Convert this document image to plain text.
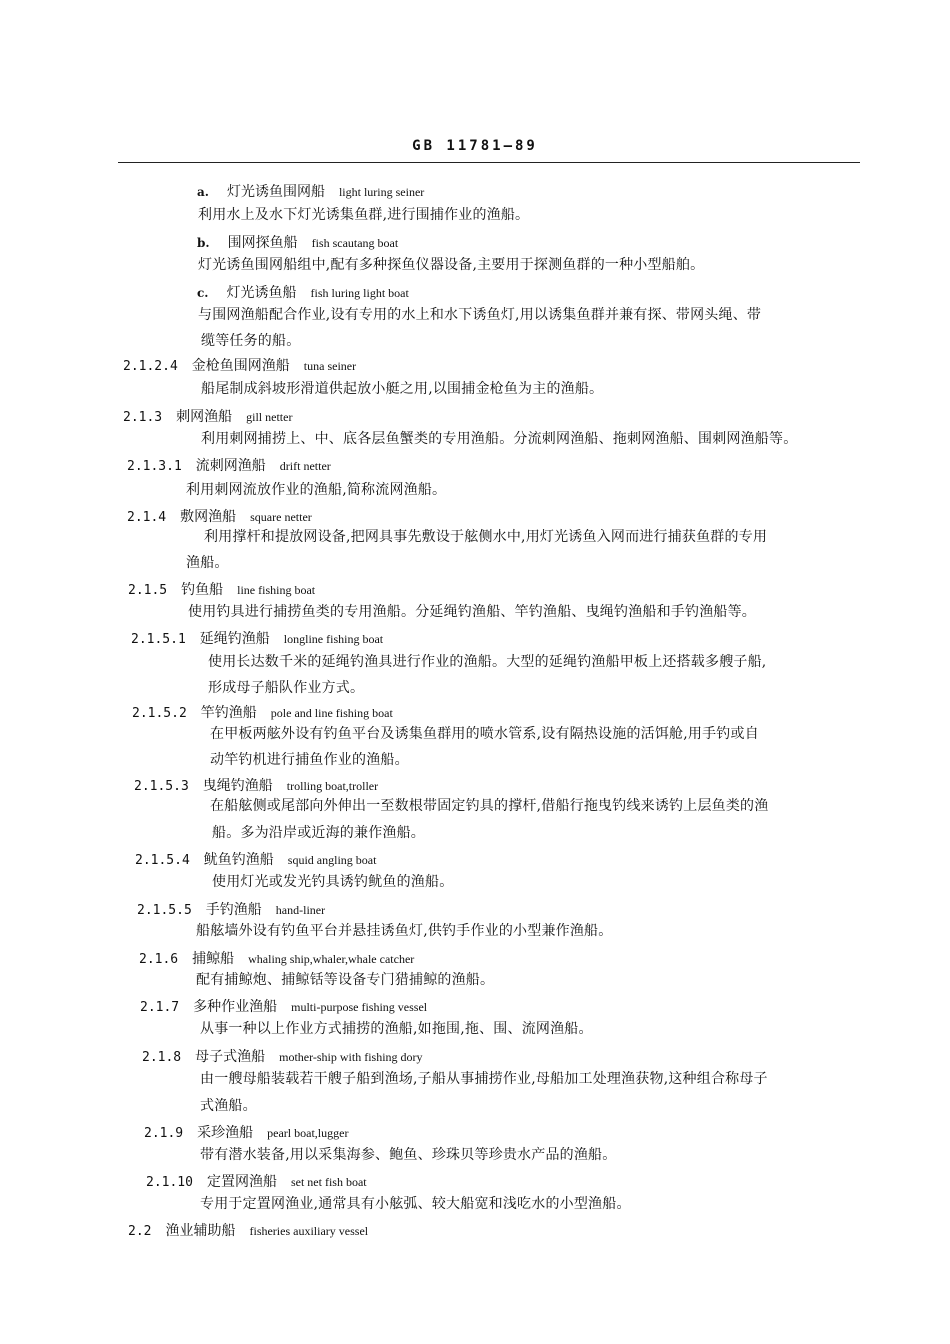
GB 11781—89
a. 灯光诱鱼围网船 light luring seiner
利用水上及水下灯光诱集鱼群,进行围捕作业的渔船。
b. 围网探鱼船 fish scautang boat
灯光诱鱼围网船组中,配有多种探鱼仪器设备,主要用于探测鱼群的一种小型船舶。
c. 灯光诱鱼船 fish luring light boat
与围网渔船配合作业,设有专用的水上和水下诱鱼灯,用以诱集鱼群并兼有探、带网头绳、带
缆等任务的船。
2.1.2.4 金枪鱼围网渔船 tuna seiner
船尾制成斜坡形滑道供起放小艇之用,以围捕金枪鱼为主的渔船。
2.1.3 刺网渔船 gill netter
利用刺网捕捞上、中、底各层鱼蟹类的专用渔船。分流刺网渔船、拖刺网渔船、围刺网渔船等。
2.1.3.1 流刺网渔船 drift netter
利用刺网流放作业的渔船,简称流网渔船。
2.1.4 敷网渔船 square netter
利用撑杆和提放网设备,把网具事先敷设于舷侧水中,用灯光诱鱼入网而进行捕获鱼群的专用
渔船。
2.1.5 钓鱼船 line fishing boat
使用钓具进行捕捞鱼类的专用渔船。分延绳钓渔船、竿钓渔船、曳绳钓渔船和手钓渔船等。
2.1.5.1 延绳钓渔船 longline fishing boat
使用长达数千米的延绳钓渔具进行作业的渔船。大型的延绳钓渔船甲板上还搭载多艘子船,
形成母子船队作业方式。
2.1.5.2 竿钓渔船 pole and line fishing boat
在甲板两舷外设有钓鱼平台及诱集鱼群用的喷水管系,设有隔热设施的活饵舱,用手钓或自
动竿钓机进行捕鱼作业的渔船。
2.1.5.3 曳绳钓渔船 trolling boat,troller
在船舷侧或尾部向外伸出一至数根带固定钓具的撑杆,借船行拖曳钓线来诱钓上层鱼类的渔
船。多为沿岸或近海的兼作渔船。
2.1.5.4 鱿鱼钓渔船 squid angling boat
使用灯光或发光钓具诱钓鱿鱼的渔船。
2.1.5.5 手钓渔船 hand-liner
船舷墙外设有钓鱼平台并悬挂诱鱼灯,供钓手作业的小型兼作渔船。
2.1.6 捕鲸船 whaling ship,whaler,whale catcher
配有捕鲸炮、捕鲸铦等设备专门猎捕鲸的渔船。
2.1.7 多种作业渔船 multi-purpose fishing vessel
从事一种以上作业方式捕捞的渔船,如拖围,拖、围、流网渔船。
2.1.8 母子式渔船 mother-ship with fishing dory
由一艘母船装载若干艘子船到渔场,子船从事捕捞作业,母船加工处理渔获物,这种组合称母子
式渔船。
2.1.9 采珍渔船 pearl boat,lugger
带有潜水装备,用以采集海参、鲍鱼、珍珠贝等珍贵水产品的渔船。
2.1.10 定置网渔船 set net fish boat
专用于定置网渔业,通常具有小舷弧、较大船宽和浅吃水的小型渔船。
2.2 渔业辅助船 fisheries auxiliary vessel
